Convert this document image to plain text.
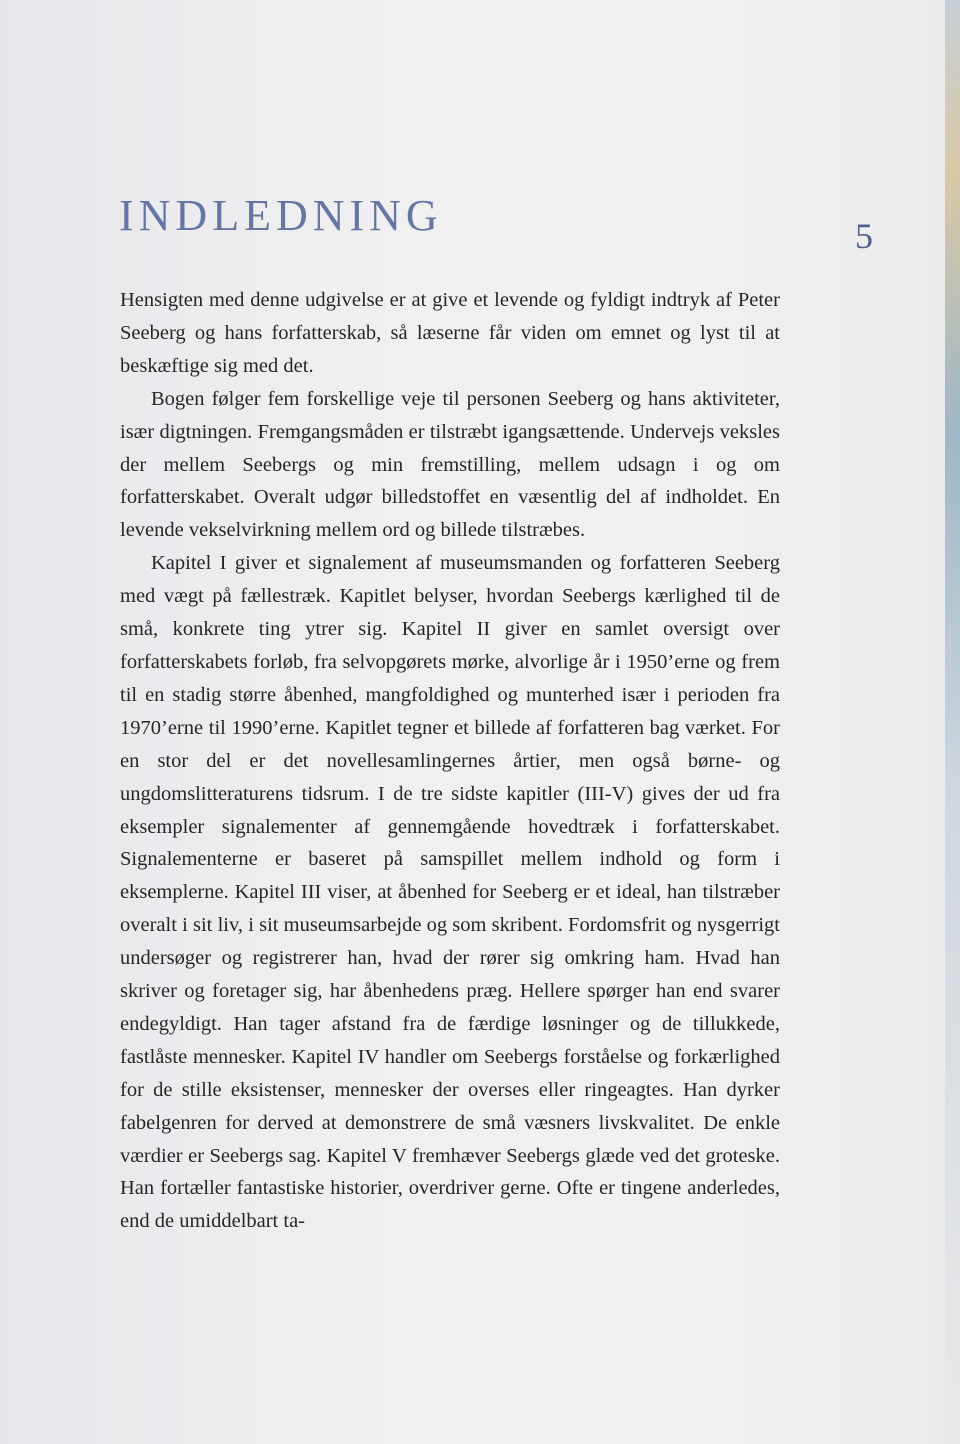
INDLEDNING	5

Hensigten med denne udgivelse er at give et levende og fyldigt indtryk af Peter Seeberg og hans forfatterskab, så læserne får viden om emnet og lyst til at beskæftige sig med det.

Bogen følger fem forskellige veje til personen Seeberg og hans aktiviteter, især digtningen. Fremgangsmåden er tilstræbt igangsættende. Undervejs veksles der mellem Seebergs og min fremstilling, mellem udsagn i og om forfatterskabet. Overalt udgør billedstoffet en væsentlig del af indholdet. En levende vekselvirkning mellem ord og billede tilstræbes.

Kapitel I giver et signalement af museumsmanden og forfatteren Seeberg med vægt på fællestræk. Kapitlet belyser, hvordan Seebergs kærlighed til de små, konkrete ting ytrer sig. Kapitel II giver en samlet oversigt over forfatterskabets forløb, fra selvopgørets mørke, alvorlige år i 1950’erne og frem til en stadig større åbenhed, mangfoldighed og munterhed især i perioden fra 1970’erne til 1990’erne. Kapitlet tegner et billede af forfatteren bag værket. For en stor del er det novellesamlingernes årtier, men også børne- og ungdomslitteraturens tidsrum. I de tre sidste kapitler (III-V) gives der ud fra eksempler signalementer af gennemgående hovedtræk i forfatterskabet. Signalementerne er baseret på samspillet mellem indhold og form i eksemplerne. Kapitel III viser, at åbenhed for Seeberg er et ideal, han tilstræber overalt i sit liv, i sit museumsarbejde og som skribent. Fordomsfrit og nysgerrigt undersøger og registrerer han, hvad der rører sig omkring ham. Hvad han skriver og foretager sig, har åbenhedens præg. Hellere spørger han end svarer endegyldigt. Han tager afstand fra de færdige løsninger og de tillukkede, fastlåste mennesker. Kapitel IV handler om Seebergs forståelse og forkærlighed for de stille eksistenser, mennesker der overses eller ringeagtes. Han dyrker fabelgenren for derved at demonstrere de små væsners livskvalitet. De enkle værdier er Seebergs sag. Kapitel V fremhæver Seebergs glæde ved det groteske. Han fortæller fantastiske historier, overdriver gerne. Ofte er tingene anderledes, end de umiddelbart ta-
